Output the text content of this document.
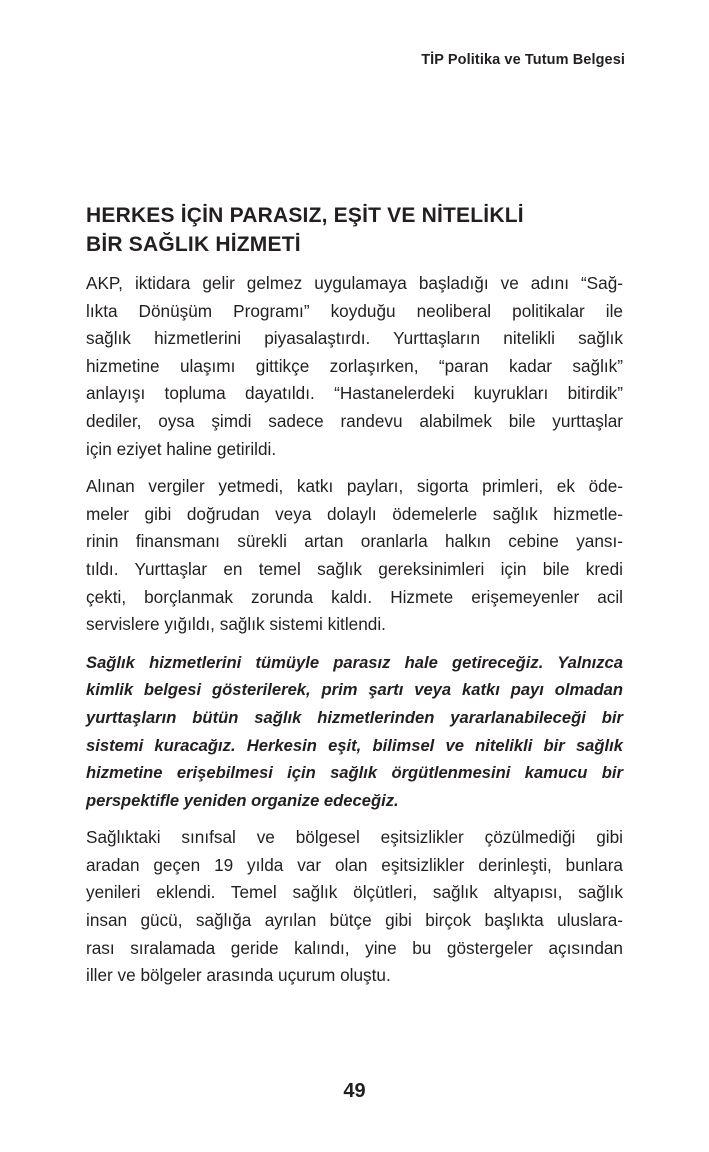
TİP Politika ve Tutum Belgesi
HERKES İÇİN PARASIZ, EŞİT VE NİTELİKLİ
BİR SAĞLIK HİZMETİ

AKP, iktidara gelir gelmez uygulamaya başladığı ve adını “Sağ-
lıkta Dönüşüm Programı” koyduğu neoliberal politikalar ile
sağlık hizmetlerini piyasalaştırdı. Yurttaşların nitelikli sağlık
hizmetine ulaşımı gittikçe zorlaşırken, “paran kadar sağlık”
anlayışı topluma dayatıldı. “Hastanelerdeki kuyrukları bitirdik”
dediler, oysa şimdi sadece randevu alabilmek bile yurttaşlar
için eziyet haline getirildi.

Alınan vergiler yetmedi, katkı payları, sigorta primleri, ek öde-
meler gibi doğrudan veya dolaylı ödemelerle sağlık hizmetle-
rinin finansmanı sürekli artan oranlarla halkın cebine yansı-
tıldı. Yurttaşlar en temel sağlık gereksinimleri için bile kredi
çekti, borçlanmak zorunda kaldı. Hizmete erişemeyenler acil
servislere yığıldı, sağlık sistemi kitlendi.

Sağlık hizmetlerini tümüyle parasız hale getireceğiz. Yalnızca
kimlik belgesi gösterilerek, prim şartı veya katkı payı olmadan
yurttaşların bütün sağlık hizmetlerinden yararlanabileceği bir
sistemi kuracağız. Herkesin eşit, bilimsel ve nitelikli bir sağlık
hizmetine erişebilmesi için sağlık örgütlenmesini kamucu bir
perspektifle yeniden organize edeceğiz.

Sağlıktaki sınıfsal ve bölgesel eşitsizlikler çözülmediği gibi
aradan geçen 19 yılda var olan eşitsizlikler derinleşti, bunlara
yenileri eklendi. Temel sağlık ölçütleri, sağlık altyapısı, sağlık
insan gücü, sağlığa ayrılan bütçe gibi birçok başlıkta uluslara-
rası sıralamada geride kalındı, yine bu göstergeler açısından
iller ve bölgeler arasında uçurum oluştu.

49
